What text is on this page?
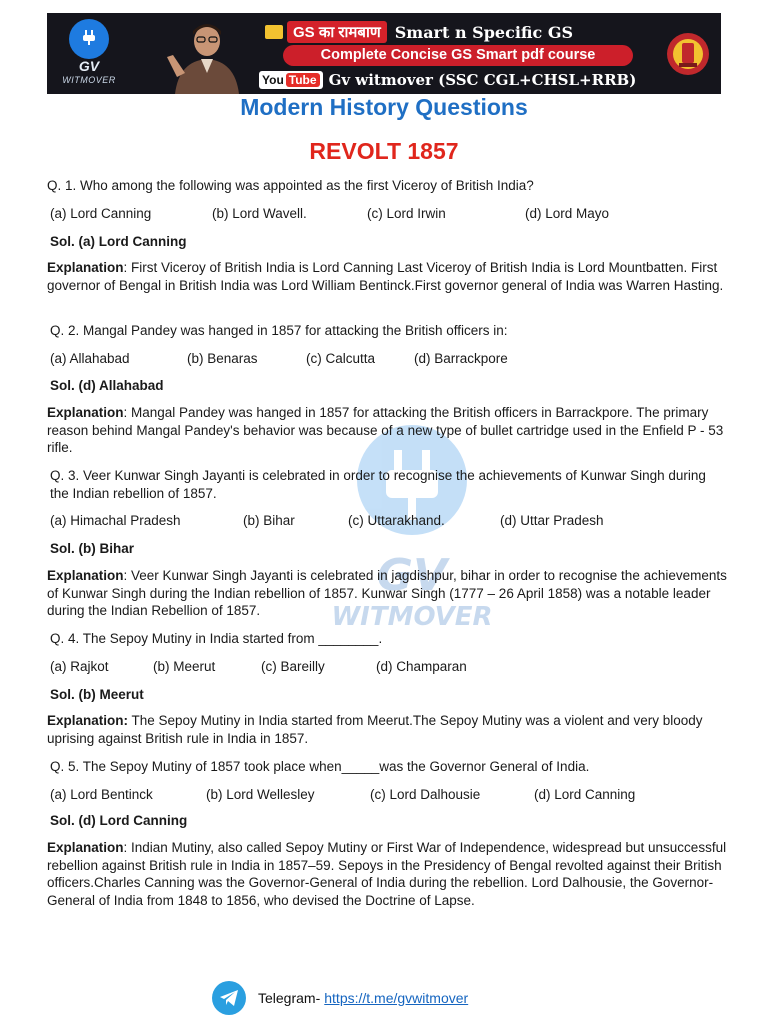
GV
WITMOVER
GS का रामबाण Smart n Specific GS
Complete Concise GS Smart pdf course
You Tube Gv witmover (SSC CGL+CHSL+RRB)
Modern History Questions
REVOLT 1857
GV
WITMOVER
Q. 1. Who among the following was appointed as the first Viceroy of British India?
(a) Lord Canning	(b) Lord Wavell.	(c) Lord Irwin	(d) Lord Mayo
Sol. (a) Lord Canning
Explanation: First Viceroy of British India is Lord Canning Last Viceroy of British India is Lord Mountbatten. First governor of Bengal in British India was Lord William Bentinck.First governor general of India was Warren Hasting.
Q. 2. Mangal Pandey was hanged in 1857 for attacking the British officers in:
(a) Allahabad	(b) Benaras	(c) Calcutta	(d) Barrackpore
Sol. (d) Allahabad
Explanation: Mangal Pandey was hanged in 1857 for attacking the British officers in Barrackpore. The primary reason behind Mangal Pandey's behavior was because of a new type of bullet cartridge used in the Enfield P - 53 rifle.
Q. 3. Veer Kunwar Singh Jayanti is celebrated in order to recognise the achievements of Kunwar Singh during the Indian rebellion of 1857.
(a) Himachal Pradesh	(b) Bihar	(c) Uttarakhand.	(d) Uttar Pradesh
Sol. (b) Bihar
Explanation: Veer Kunwar Singh Jayanti is celebrated in jagdishpur, bihar in order to recognise the achievements of Kunwar Singh during the Indian rebellion of 1857. Kunwar Singh (1777 – 26 April 1858) was a notable leader during the Indian Rebellion of 1857.
Q. 4. The Sepoy Mutiny in India started from ________.
(a) Rajkot	(b) Meerut	(c) Bareilly	(d) Champaran
Sol. (b) Meerut
Explanation: The Sepoy Mutiny in India started from Meerut.The Sepoy Mutiny was a violent and very bloody uprising against British rule in India in 1857.
Q. 5. The Sepoy Mutiny of 1857 took place when_____was the Governor General of India.
(a) Lord Bentinck	(b) Lord Wellesley	(c) Lord Dalhousie	(d) Lord Canning
Sol. (d) Lord Canning
Explanation: Indian Mutiny, also called Sepoy Mutiny or First War of Independence, widespread but unsuccessful rebellion against British rule in India in 1857–59. Sepoys in the Presidency of Bengal revolted against their British officers.Charles Canning was the Governor-General of India during the rebellion. Lord Dalhousie, the Governor-General of India from 1848 to 1856, who devised the Doctrine of Lapse.
Telegram- https://t.me/gvwitmover
